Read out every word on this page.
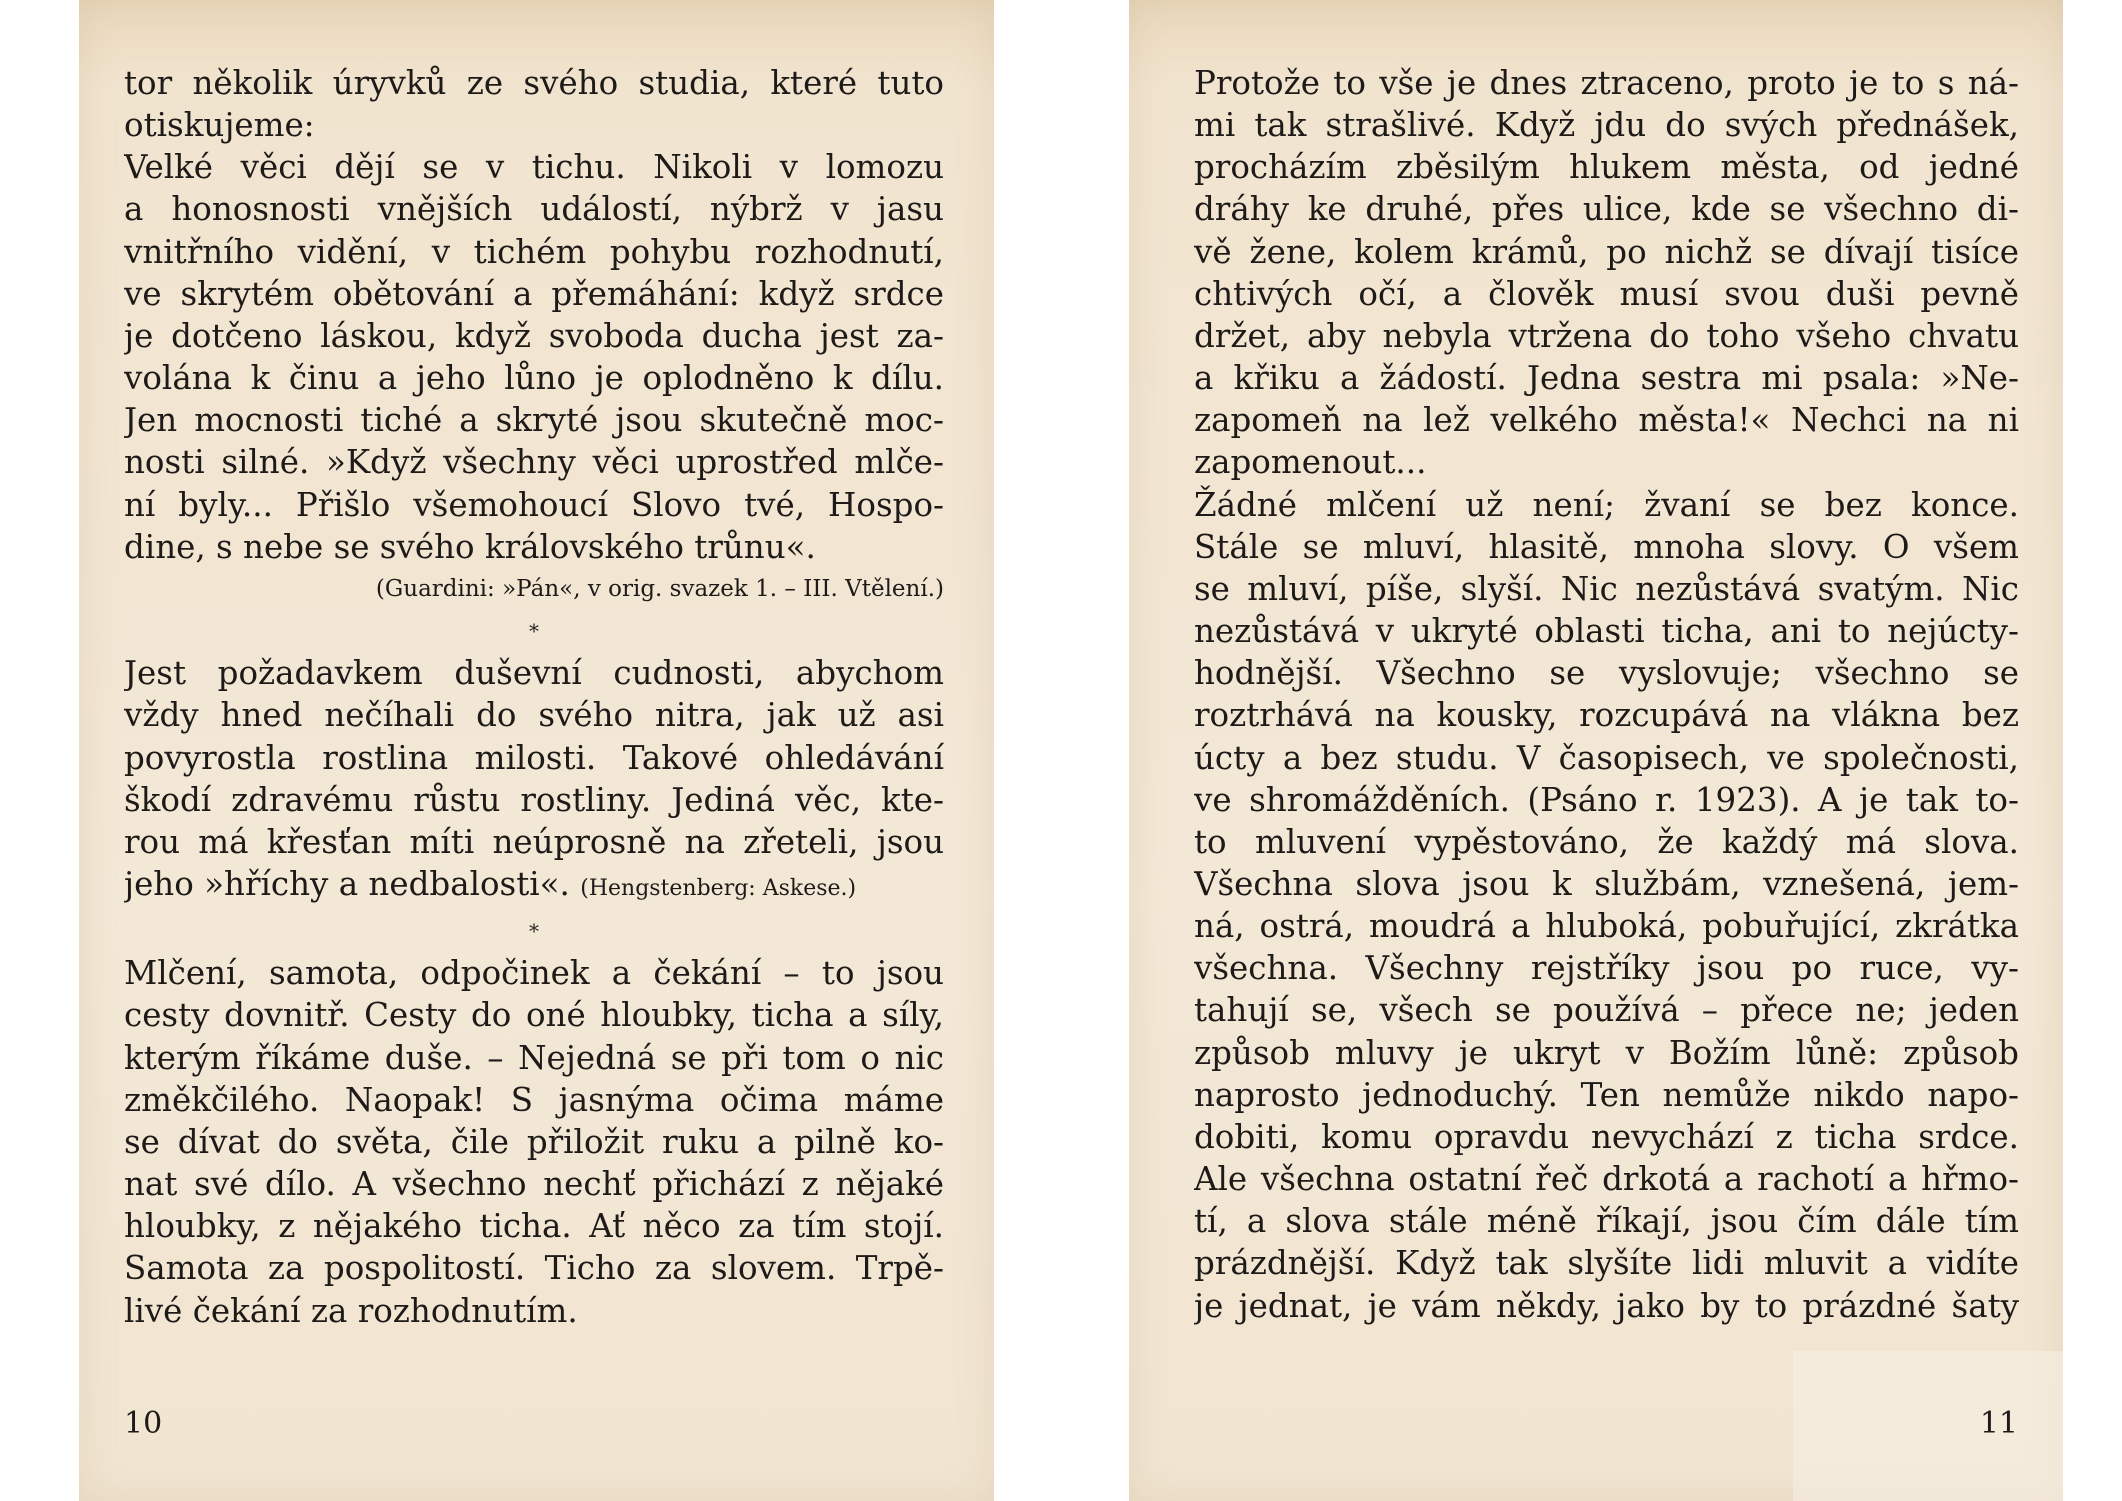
tor několik úryvků ze svého studia, které tuto
otiskujeme:
Velké věci dějí se v tichu. Nikoli v lomozu
a honosnosti vnějších událostí, nýbrž v jasu
vnitřního vidění, v tichém pohybu rozhodnutí,
ve skrytém obětování a přemáhání: když srdce
je dotčeno láskou, když svoboda ducha jest za-
volána k činu a jeho lůno je oplodněno k dílu.
Jen mocnosti tiché a skryté jsou skutečně moc-
nosti silné. »Když všechny věci uprostřed mlče-
ní byly... Přišlo všemohoucí Slovo tvé, Hospo-
dine, s nebe se svého královského trůnu«.
(Guardini: »Pán«, v orig. svazek 1. – III. Vtělení.)
*
Jest požadavkem duševní cudnosti, abychom
vždy hned nečíhali do svého nitra, jak už asi
povyrostla rostlina milosti. Takové ohledávání
škodí zdravému růstu rostliny. Jediná věc, kte-
rou má křesťan míti neúprosně na zřeteli, jsou
jeho »hříchy a nedbalosti«. (Hengstenberg: Askese.)
*
Mlčení, samota, odpočinek a čekání – to jsou
cesty dovnitř. Cesty do oné hloubky, ticha a síly,
kterým říkáme duše. – Nejedná se při tom o nic
změkčilého. Naopak! S jasnýma očima máme
se dívat do světa, čile přiložit ruku a pilně ko-
nat své dílo. A všechno nechť přichází z nějaké
hloubky, z nějakého ticha. Ať něco za tím stojí.
Samota za pospolitostí. Ticho za slovem. Trpě-
livé čekání za rozhodnutím.
10
Protože to vše je dnes ztraceno, proto je to s ná-
mi tak strašlivé. Když jdu do svých přednášek,
procházím zběsilým hlukem města, od jedné
dráhy ke druhé, přes ulice, kde se všechno di-
vě žene, kolem krámů, po nichž se dívají tisíce
chtivých očí, a člověk musí svou duši pevně
držet, aby nebyla vtržena do toho všeho chvatu
a křiku a žádostí. Jedna sestra mi psala: »Ne-
zapomeň na lež velkého města!« Nechci na ni
zapomenout...
Žádné mlčení už není; žvaní se bez konce.
Stále se mluví, hlasitě, mnoha slovy. O všem
se mluví, píše, slyší. Nic nezůstává svatým. Nic
nezůstává v ukryté oblasti ticha, ani to nejúcty-
hodnější. Všechno se vyslovuje; všechno se
roztrhává na kousky, rozcupává na vlákna bez
úcty a bez studu. V časopisech, ve společnosti,
ve shromážděních. (Psáno r. 1923). A je tak to-
to mluvení vypěstováno, že každý má slova.
Všechna slova jsou k službám, vznešená, jem-
ná, ostrá, moudrá a hluboká, pobuřující, zkrátka
všechna. Všechny rejstříky jsou po ruce, vy-
tahují se, všech se používá – přece ne; jeden
způsob mluvy je ukryt v Božím lůně: způsob
naprosto jednoduchý. Ten nemůže nikdo napo-
dobiti, komu opravdu nevychází z ticha srdce.
Ale všechna ostatní řeč drkotá a rachotí a hřmo-
tí, a slova stále méně říkají, jsou čím dále tím
prázdnější. Když tak slyšíte lidi mluvit a vidíte
je jednat, je vám někdy, jako by to prázdné šaty
11
